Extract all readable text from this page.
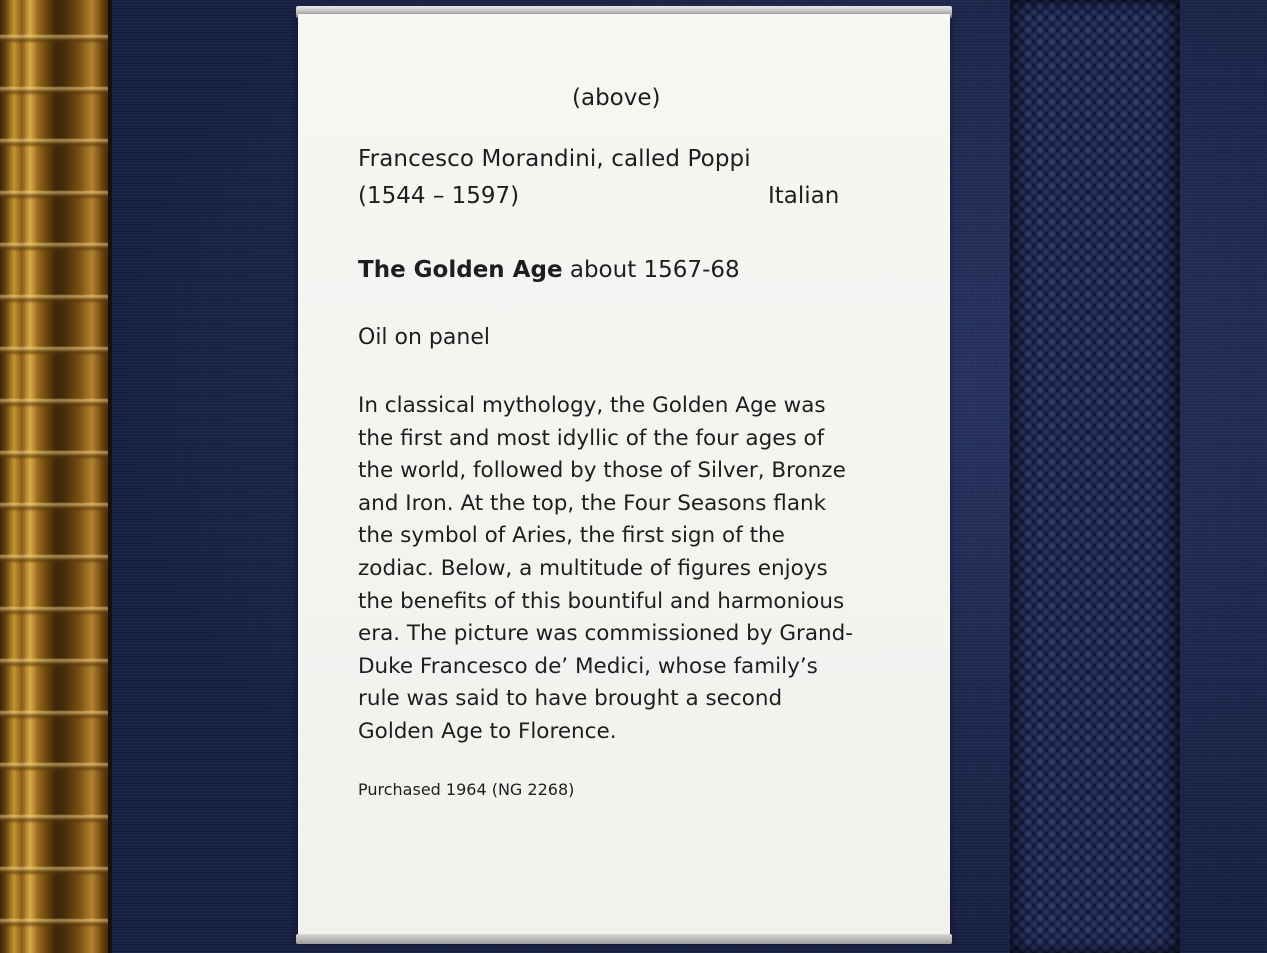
(above)
Francesco Morandini, called Poppi
(1544 – 1597)	Italian
The Golden Age about 1567-68
Oil on panel
In classical mythology, the Golden Age was
the first and most idyllic of the four ages of
the world, followed by those of Silver, Bronze
and Iron. At the top, the Four Seasons flank
the symbol of Aries, the first sign of the
zodiac. Below, a multitude of figures enjoys
the benefits of this bountiful and harmonious
era. The picture was commissioned by Grand-
Duke Francesco de’ Medici, whose family’s
rule was said to have brought a second
Golden Age to Florence.
Purchased 1964 (NG 2268)
